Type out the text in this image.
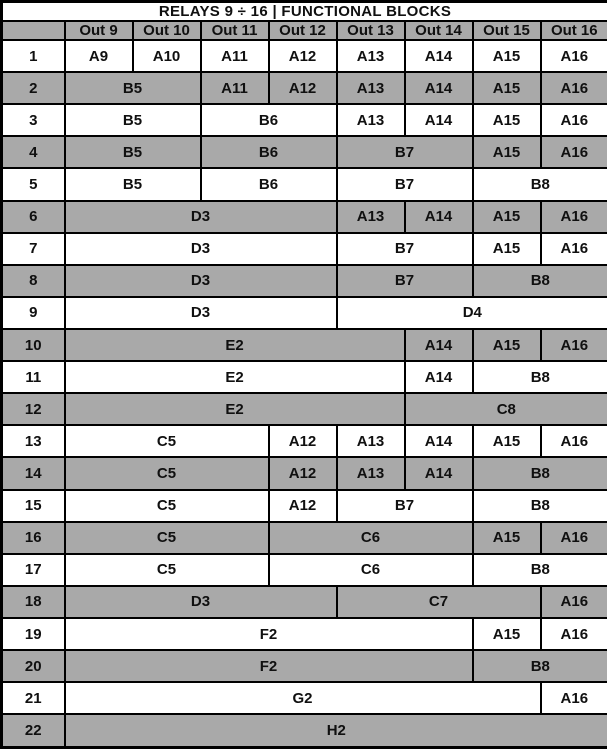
RELAYS 9 ÷ 16 | FUNCTIONAL BLOCKS								
	Out 9	Out 10	Out 11	Out 12	Out 13	Out 14	Out 15	Out 16
1	A9	A10	A11	A12	A13	A14	A15	A16
2	B5		A11	A12	A13	A14	A15	A16
3	B5		B6		A13	A14	A15	A16
4	B5		B6		B7		A15	A16
5	B5		B6		B7		B8	
6	D3				A13	A14	A15	A16
7	D3				B7		A15	A16
8	D3				B7		B8	
9	D3				D4			
10	E2					A14	A15	A16
11	E2					A14	B8	
12	E2					C8		
13	C5			A12	A13	A14	A15	A16
14	C5			A12	A13	A14	B8	
15	C5			A12	B7		B8	
16	C5			C6			A15	A16
17	C5			C6			B8	
18	D3				C7			A16
19	F2						A15	A16
20	F2						B8	
21	G2							A16
22	H2							
